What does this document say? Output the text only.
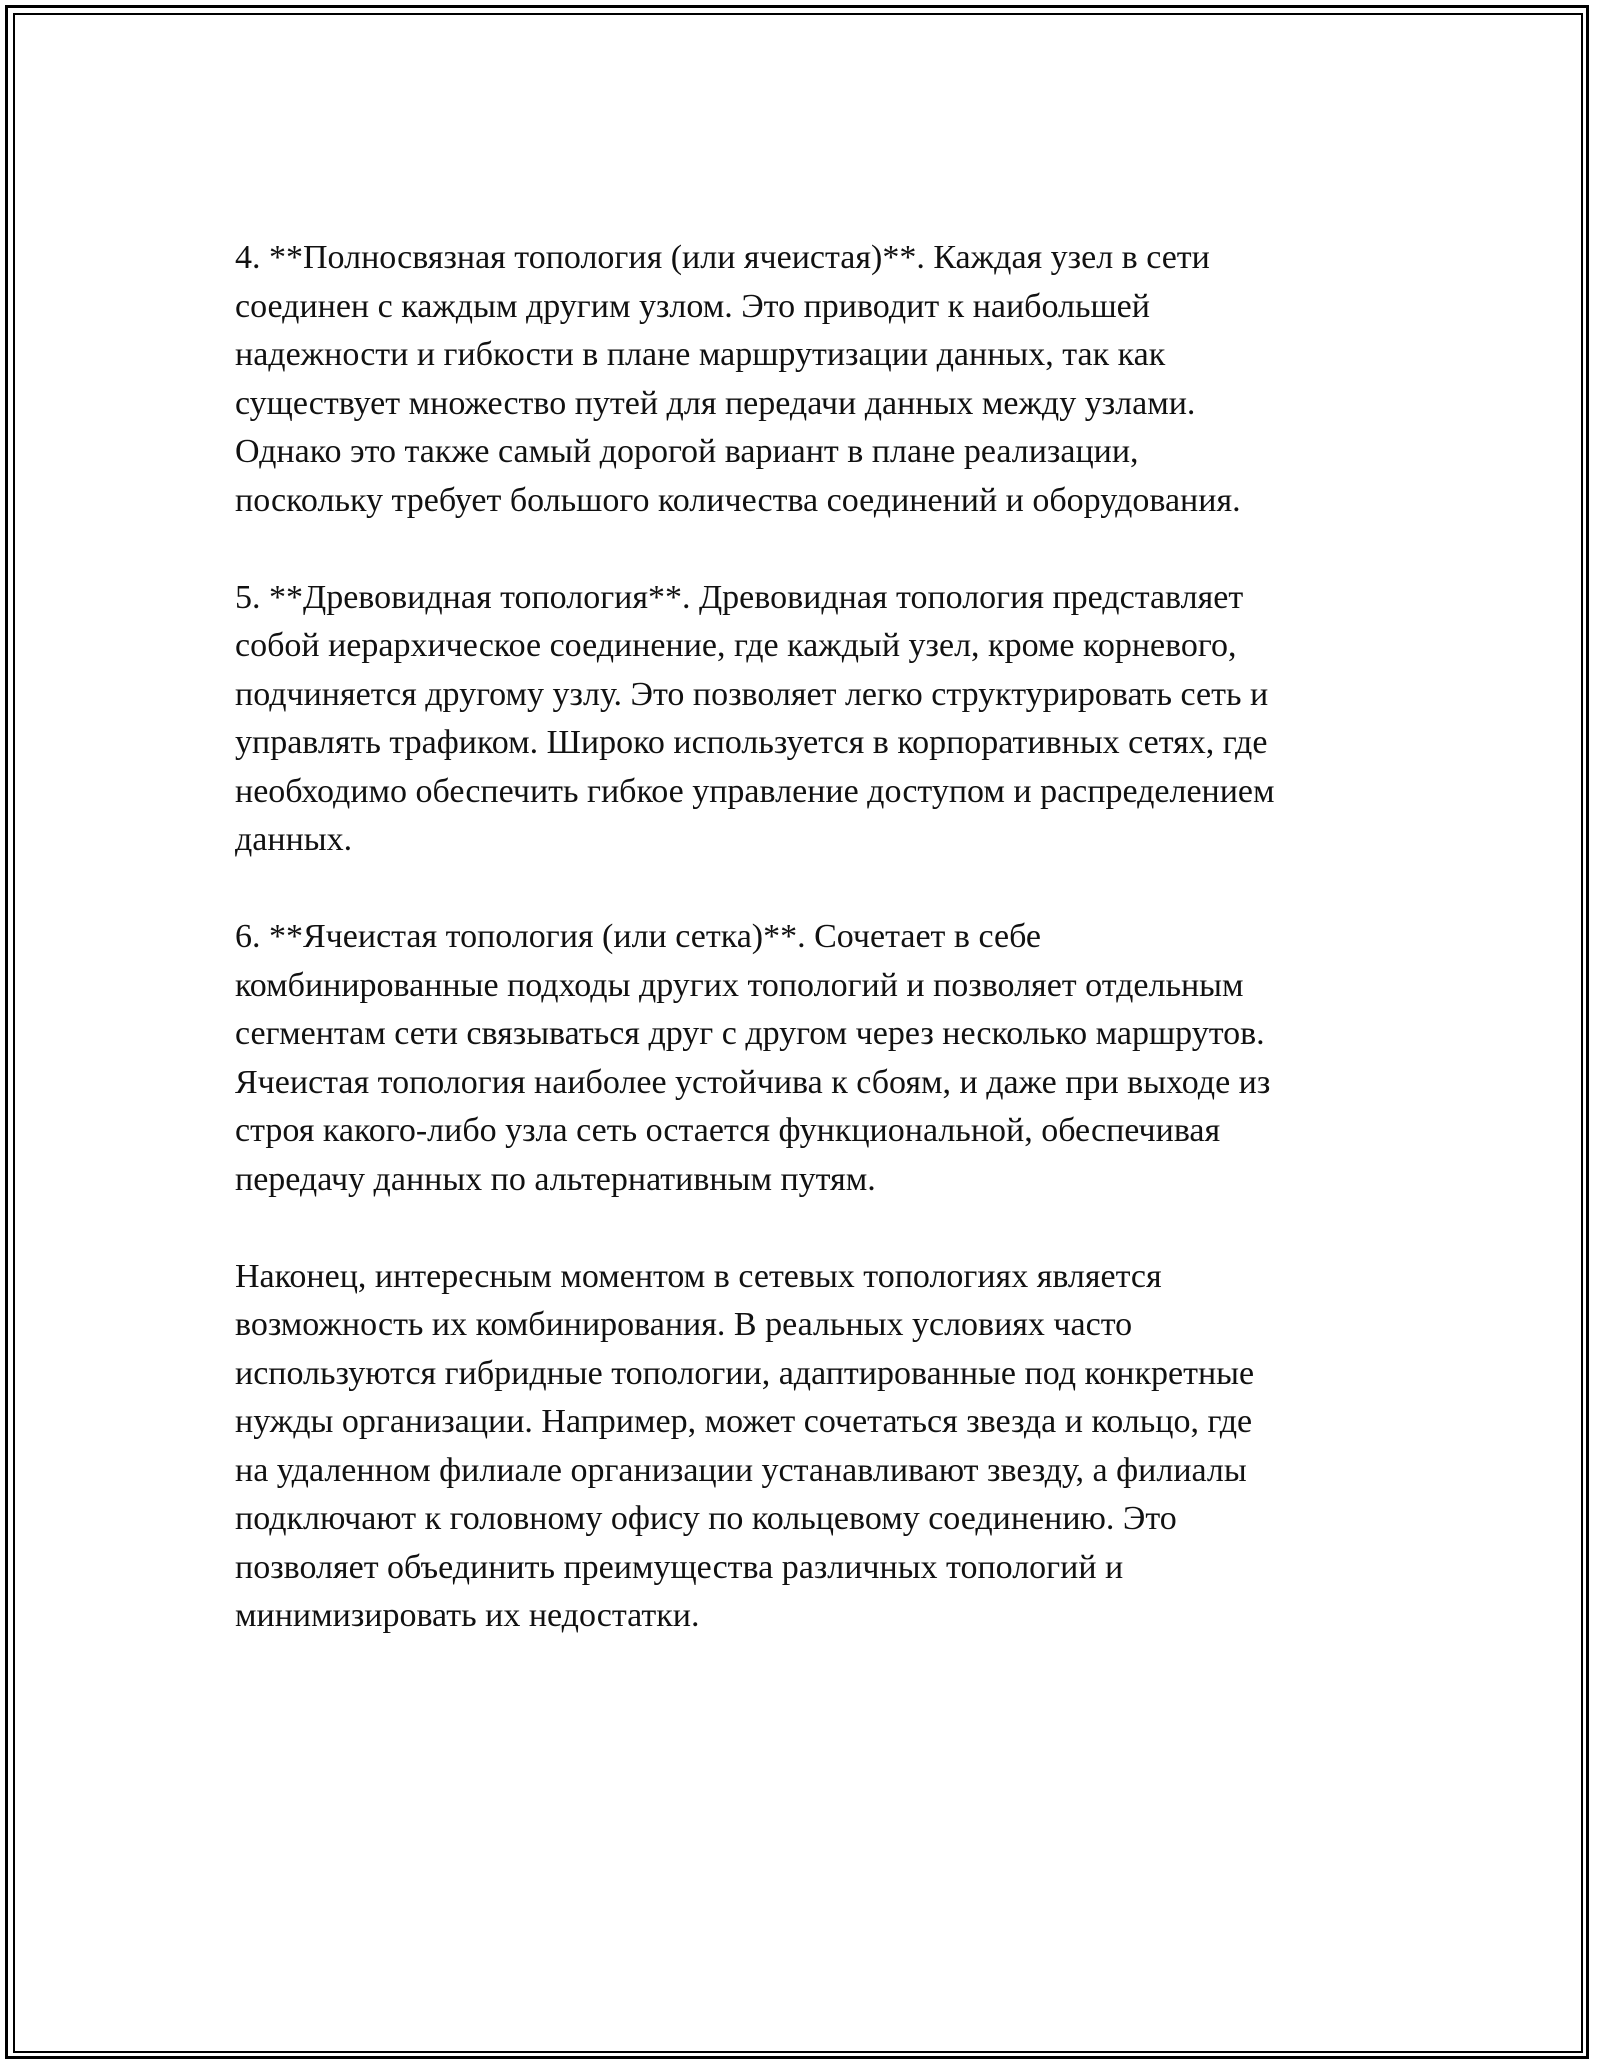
4. **Полносвязная топология (или ячеистая)**. Каждая узел в сети
соединен с каждым другим узлом. Это приводит к наибольшей
надежности и гибкости в плане маршрутизации данных, так как
существует множество путей для передачи данных между узлами.
Однако это также самый дорогой вариант в плане реализации,
поскольку требует большого количества соединений и оборудования.

5. **Древовидная топология**. Древовидная топология представляет
собой иерархическое соединение, где каждый узел, кроме корневого,
подчиняется другому узлу. Это позволяет легко структурировать сеть и
управлять трафиком. Широко используется в корпоративных сетях, где
необходимо обеспечить гибкое управление доступом и распределением
данных.

6. **Ячеистая топология (или сетка)**. Сочетает в себе
комбинированные подходы других топологий и позволяет отдельным
сегментам сети связываться друг с другом через несколько маршрутов.
Ячеистая топология наиболее устойчива к сбоям, и даже при выходе из
строя какого-либо узла сеть остается функциональной, обеспечивая
передачу данных по альтернативным путям.

Наконец, интересным моментом в сетевых топологиях является
возможность их комбинирования. В реальных условиях часто
используются гибридные топологии, адаптированные под конкретные
нужды организации. Например, может сочетаться звезда и кольцо, где
на удаленном филиале организации устанавливают звезду, а филиалы
подключают к головному офису по кольцевому соединению. Это
позволяет объединить преимущества различных топологий и
минимизировать их недостатки.
